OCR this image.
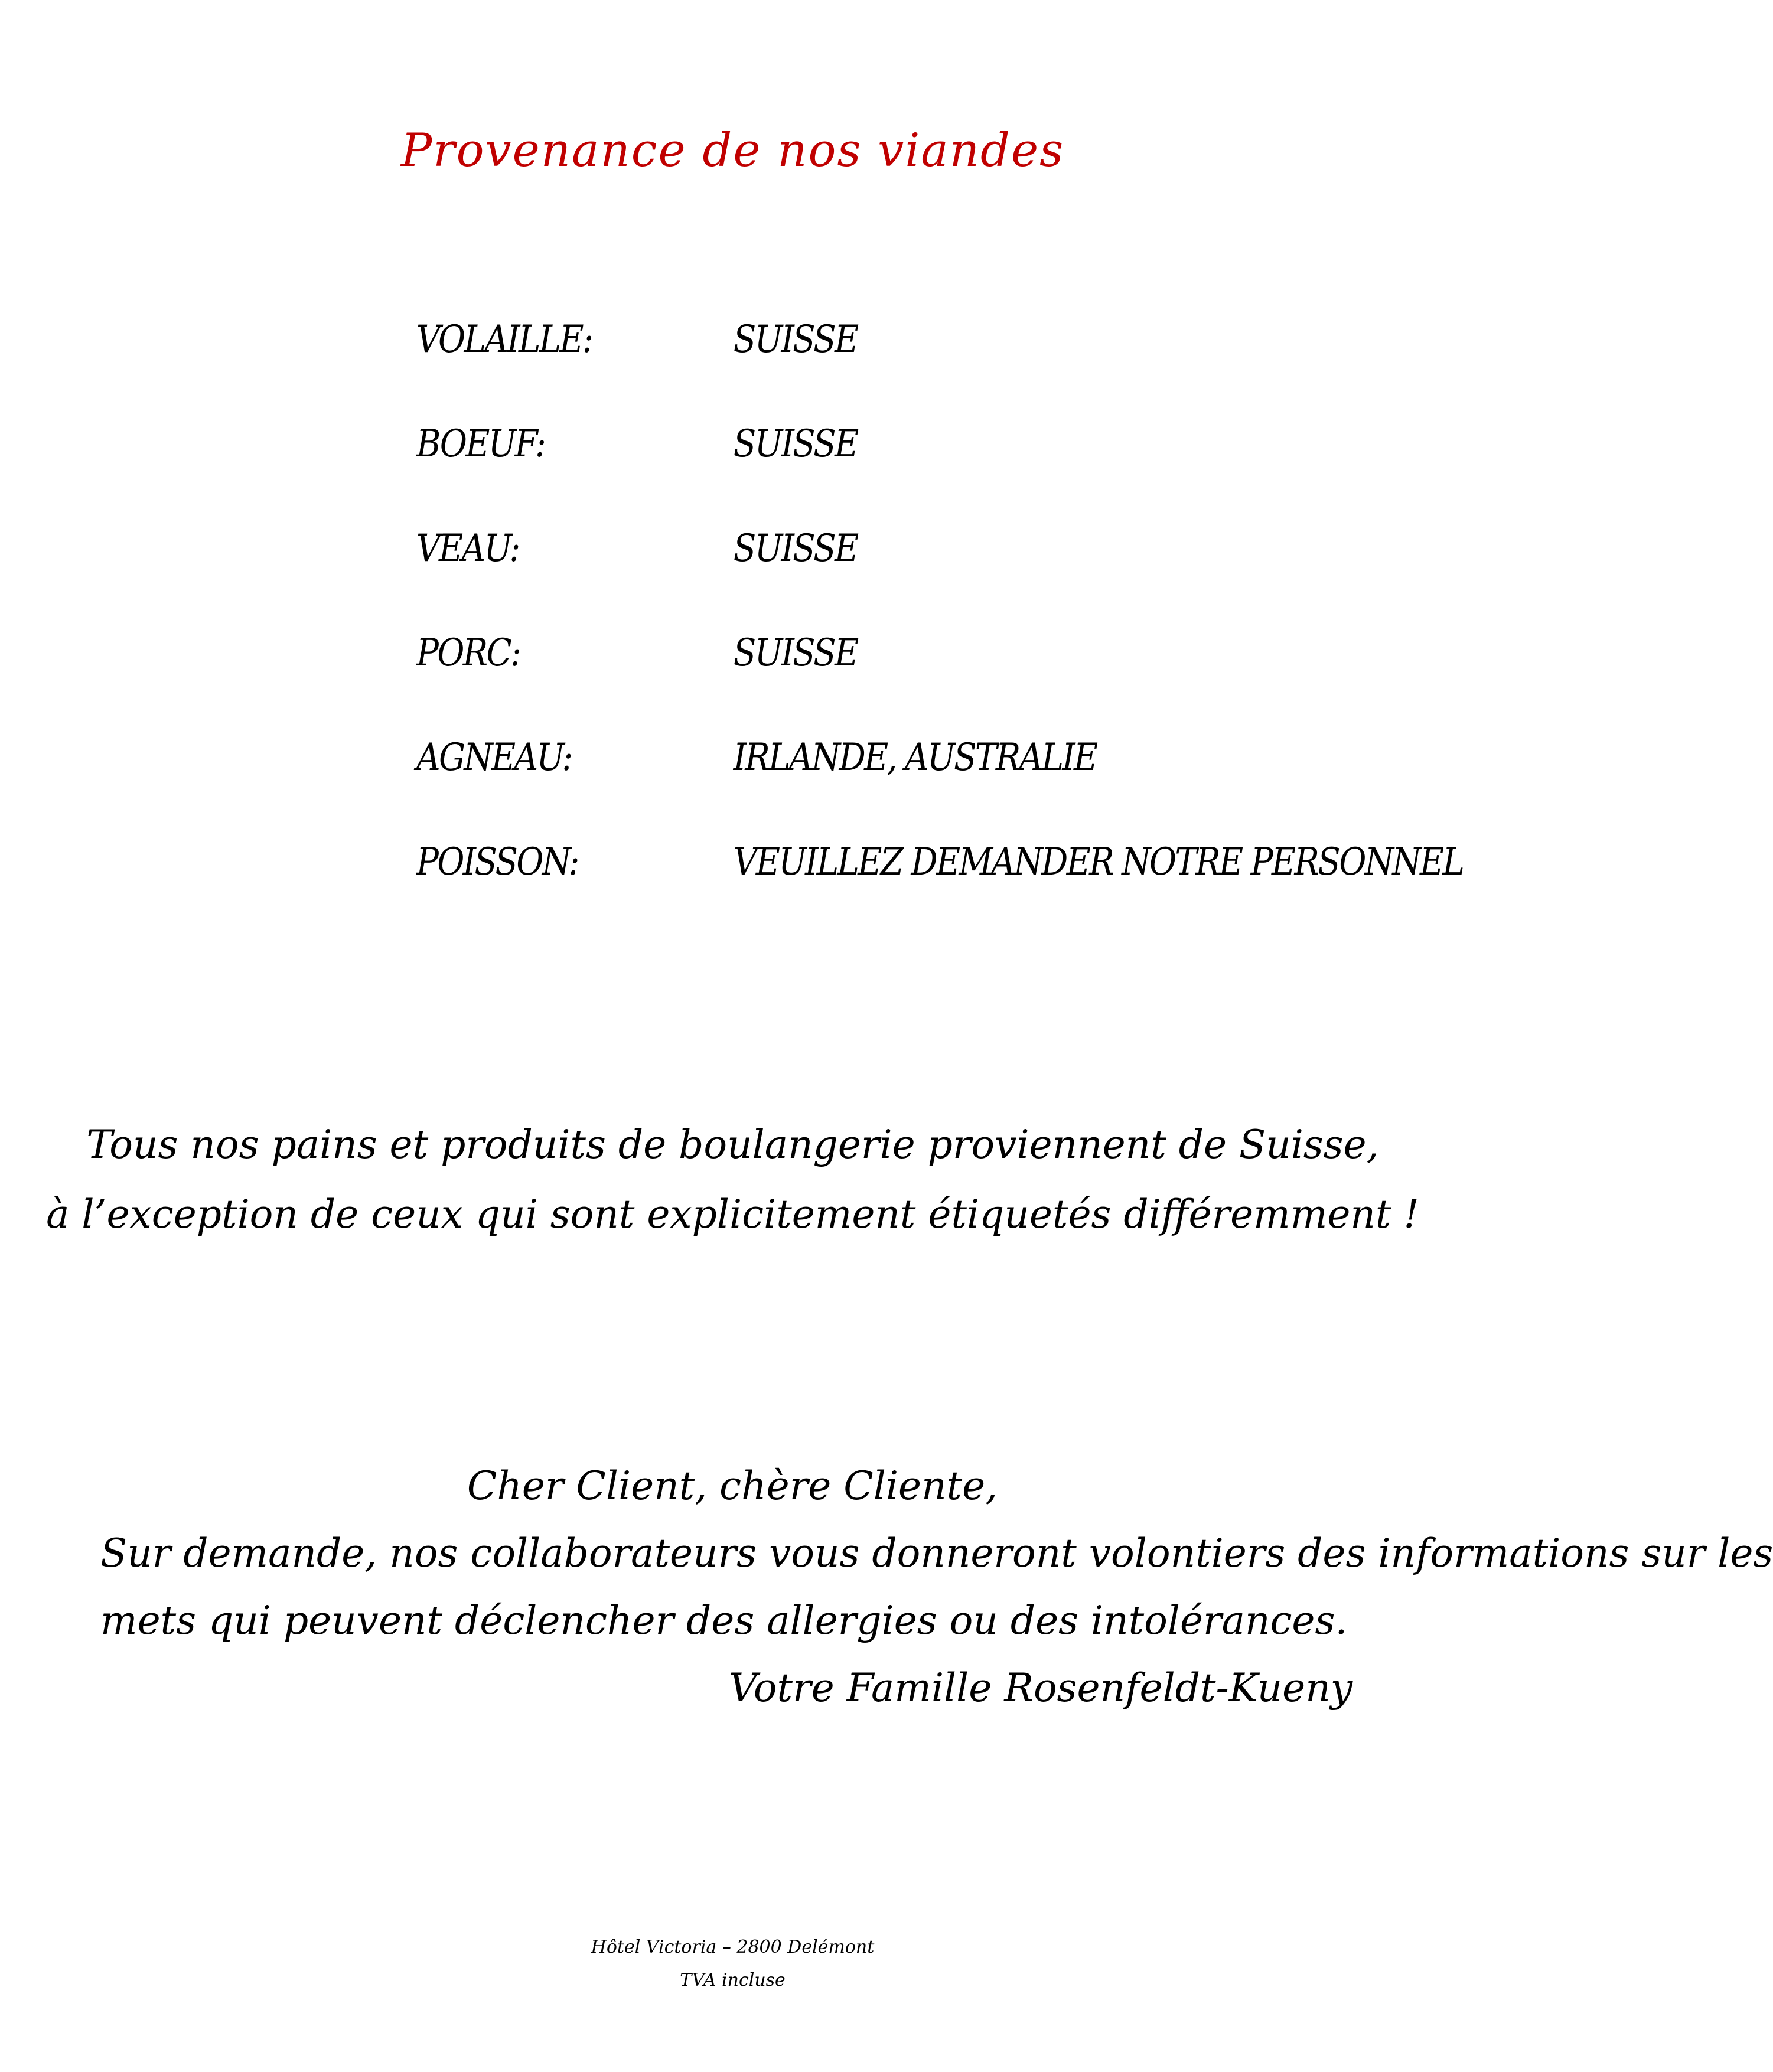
Provenance de nos viandes
VOLAILLE:	SUISSE
BOEUF:	SUISSE
VEAU:	SUISSE
PORC:	SUISSE
AGNEAU:	IRLANDE, AUSTRALIE
POISSON:	VEUILLEZ DEMANDER NOTRE PERSONNEL
Tous nos pains et produits de boulangerie proviennent de Suisse,
à l’exception de ceux qui sont explicitement étiquetés différemment !
Cher Client, chère Cliente,
Sur demande, nos collaborateurs vous donneront volontiers des informations sur les
mets qui peuvent déclencher des allergies ou des intolérances.
Votre Famille Rosenfeldt-Kueny
Hôtel Victoria – 2800 Delémont
TVA incluse
